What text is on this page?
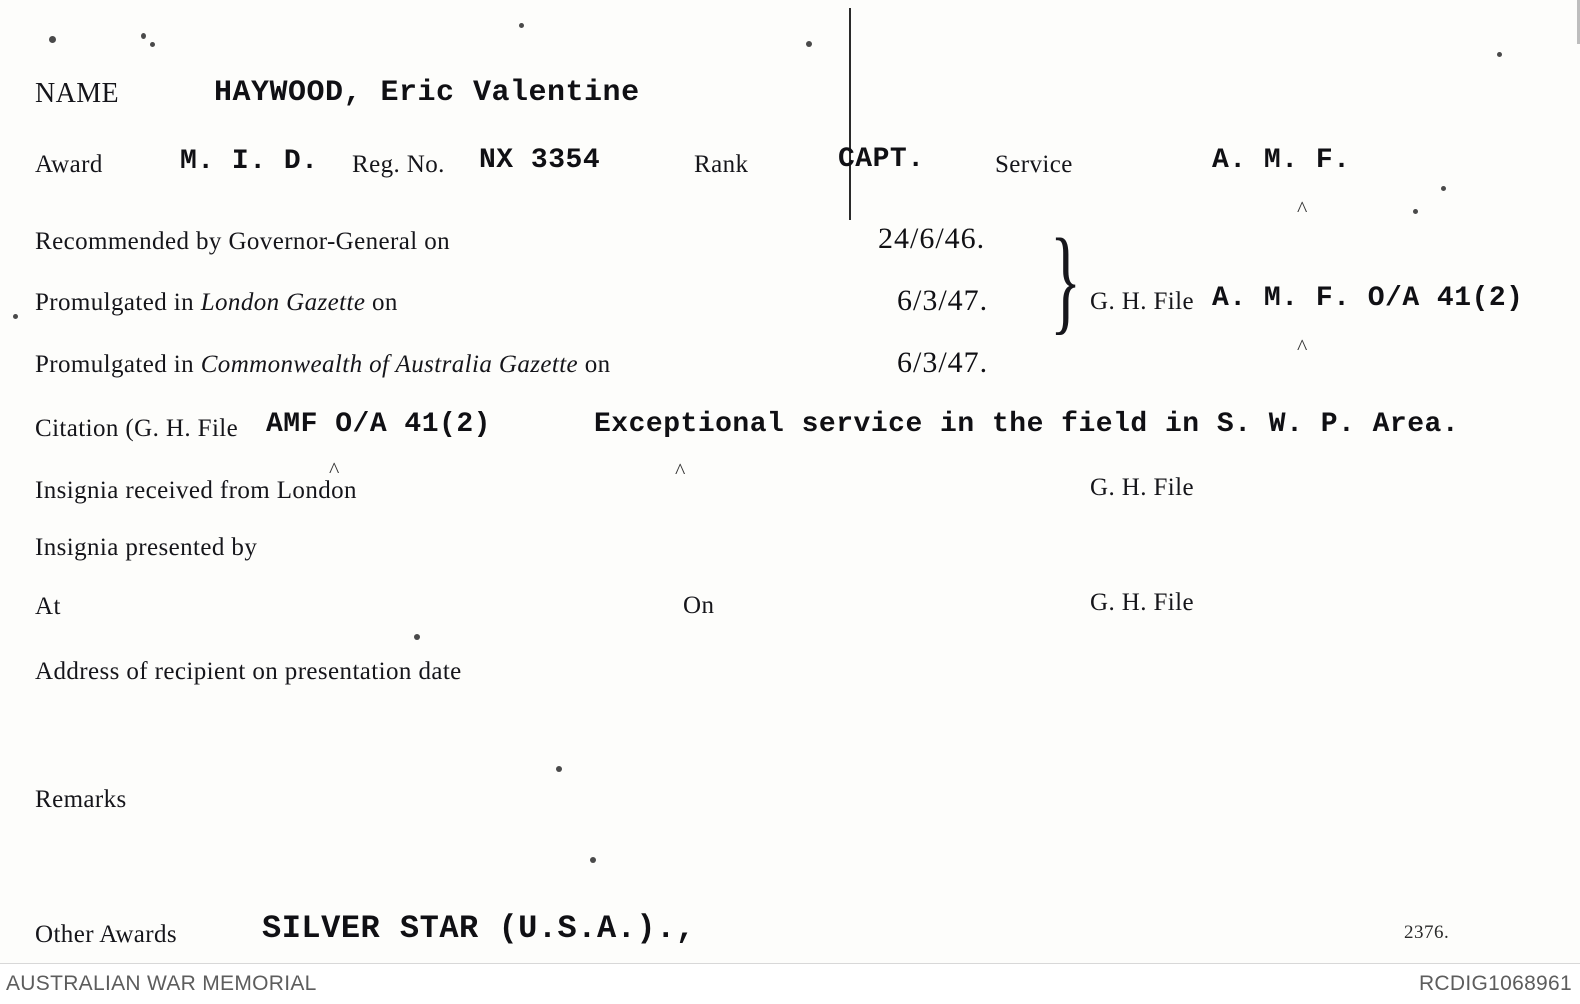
^
^
^
^
NAME	HAYWOOD, Eric Valentine
Award	M. I. D. Reg. No. NX 3354	Rank	CAPT.	Service	A. M. F.
Recommended by Governor-General on	24/6/46.
Promulgated in London Gazette on	6/3/47.
Promulgated in Commonwealth of Australia Gazette on	6/3/47.
} G. H. File A. M. F. O/A 41(2)
Citation (G. H. File AMF O/A 41(2)	Exceptional service in the field in S. W. P. Area.
Insignia received from London	G. H. File
Insignia presented by
At	On	G. H. File
Address of recipient on presentation date
Remarks
Other Awards	SILVER STAR (U.S.A.).,	2376.
AUSTRALIAN WAR MEMORIAL	RCDIG1068961
